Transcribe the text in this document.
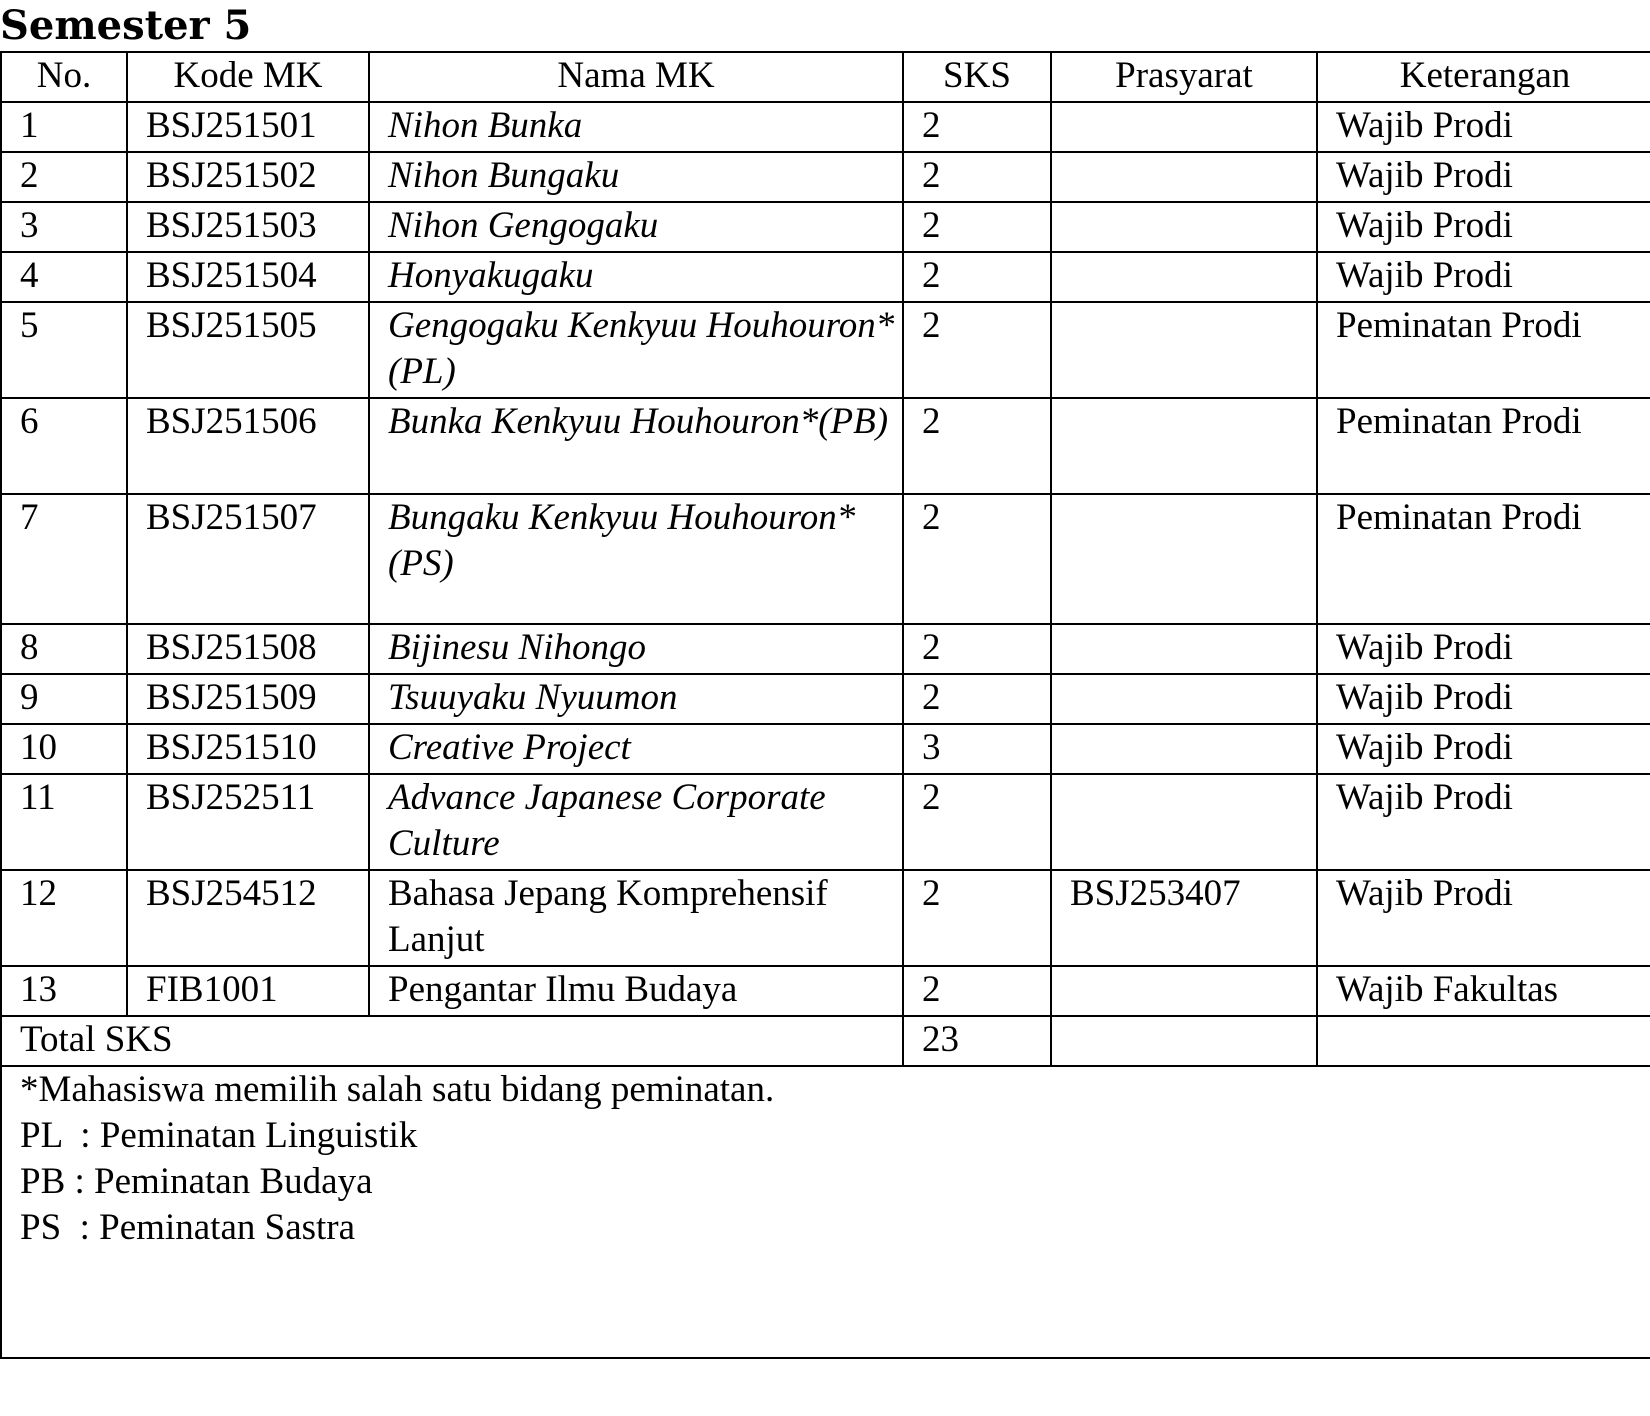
Semester 5
No.	Kode MK	Nama MK	SKS	Prasyarat	Keterangan
1	BSJ251501	Nihon Bunka	2		Wajib Prodi
2	BSJ251502	Nihon Bungaku	2		Wajib Prodi
3	BSJ251503	Nihon Gengogaku	2		Wajib Prodi
4	BSJ251504	Honyakugaku	2		Wajib Prodi
5	BSJ251505	Gengogaku Kenkyuu Houhouron*(PL)	2		Peminatan Prodi
6	BSJ251506	Bunka Kenkyuu Houhouron*(PB)	2		Peminatan Prodi
7	BSJ251507	Bungaku Kenkyuu Houhouron*(PS)	2		Peminatan Prodi
8	BSJ251508	Bijinesu Nihongo	2		Wajib Prodi
9	BSJ251509	Tsuuyaku Nyuumon	2		Wajib Prodi
10	BSJ251510	Creative Project	3		Wajib Prodi
11	BSJ252511	Advance Japanese Corporate Culture	2		Wajib Prodi
12	BSJ254512	Bahasa Jepang Komprehensif Lanjut	2	BSJ253407	Wajib Prodi
13	FIB1001	Pengantar Ilmu Budaya	2		Wajib Fakultas
Total SKS			23		

*Mahasiswa memilih salah satu bidang peminatan.
PL  : Peminatan Linguistik
PB : Peminatan Budaya
PS  : Peminatan Sastra					
